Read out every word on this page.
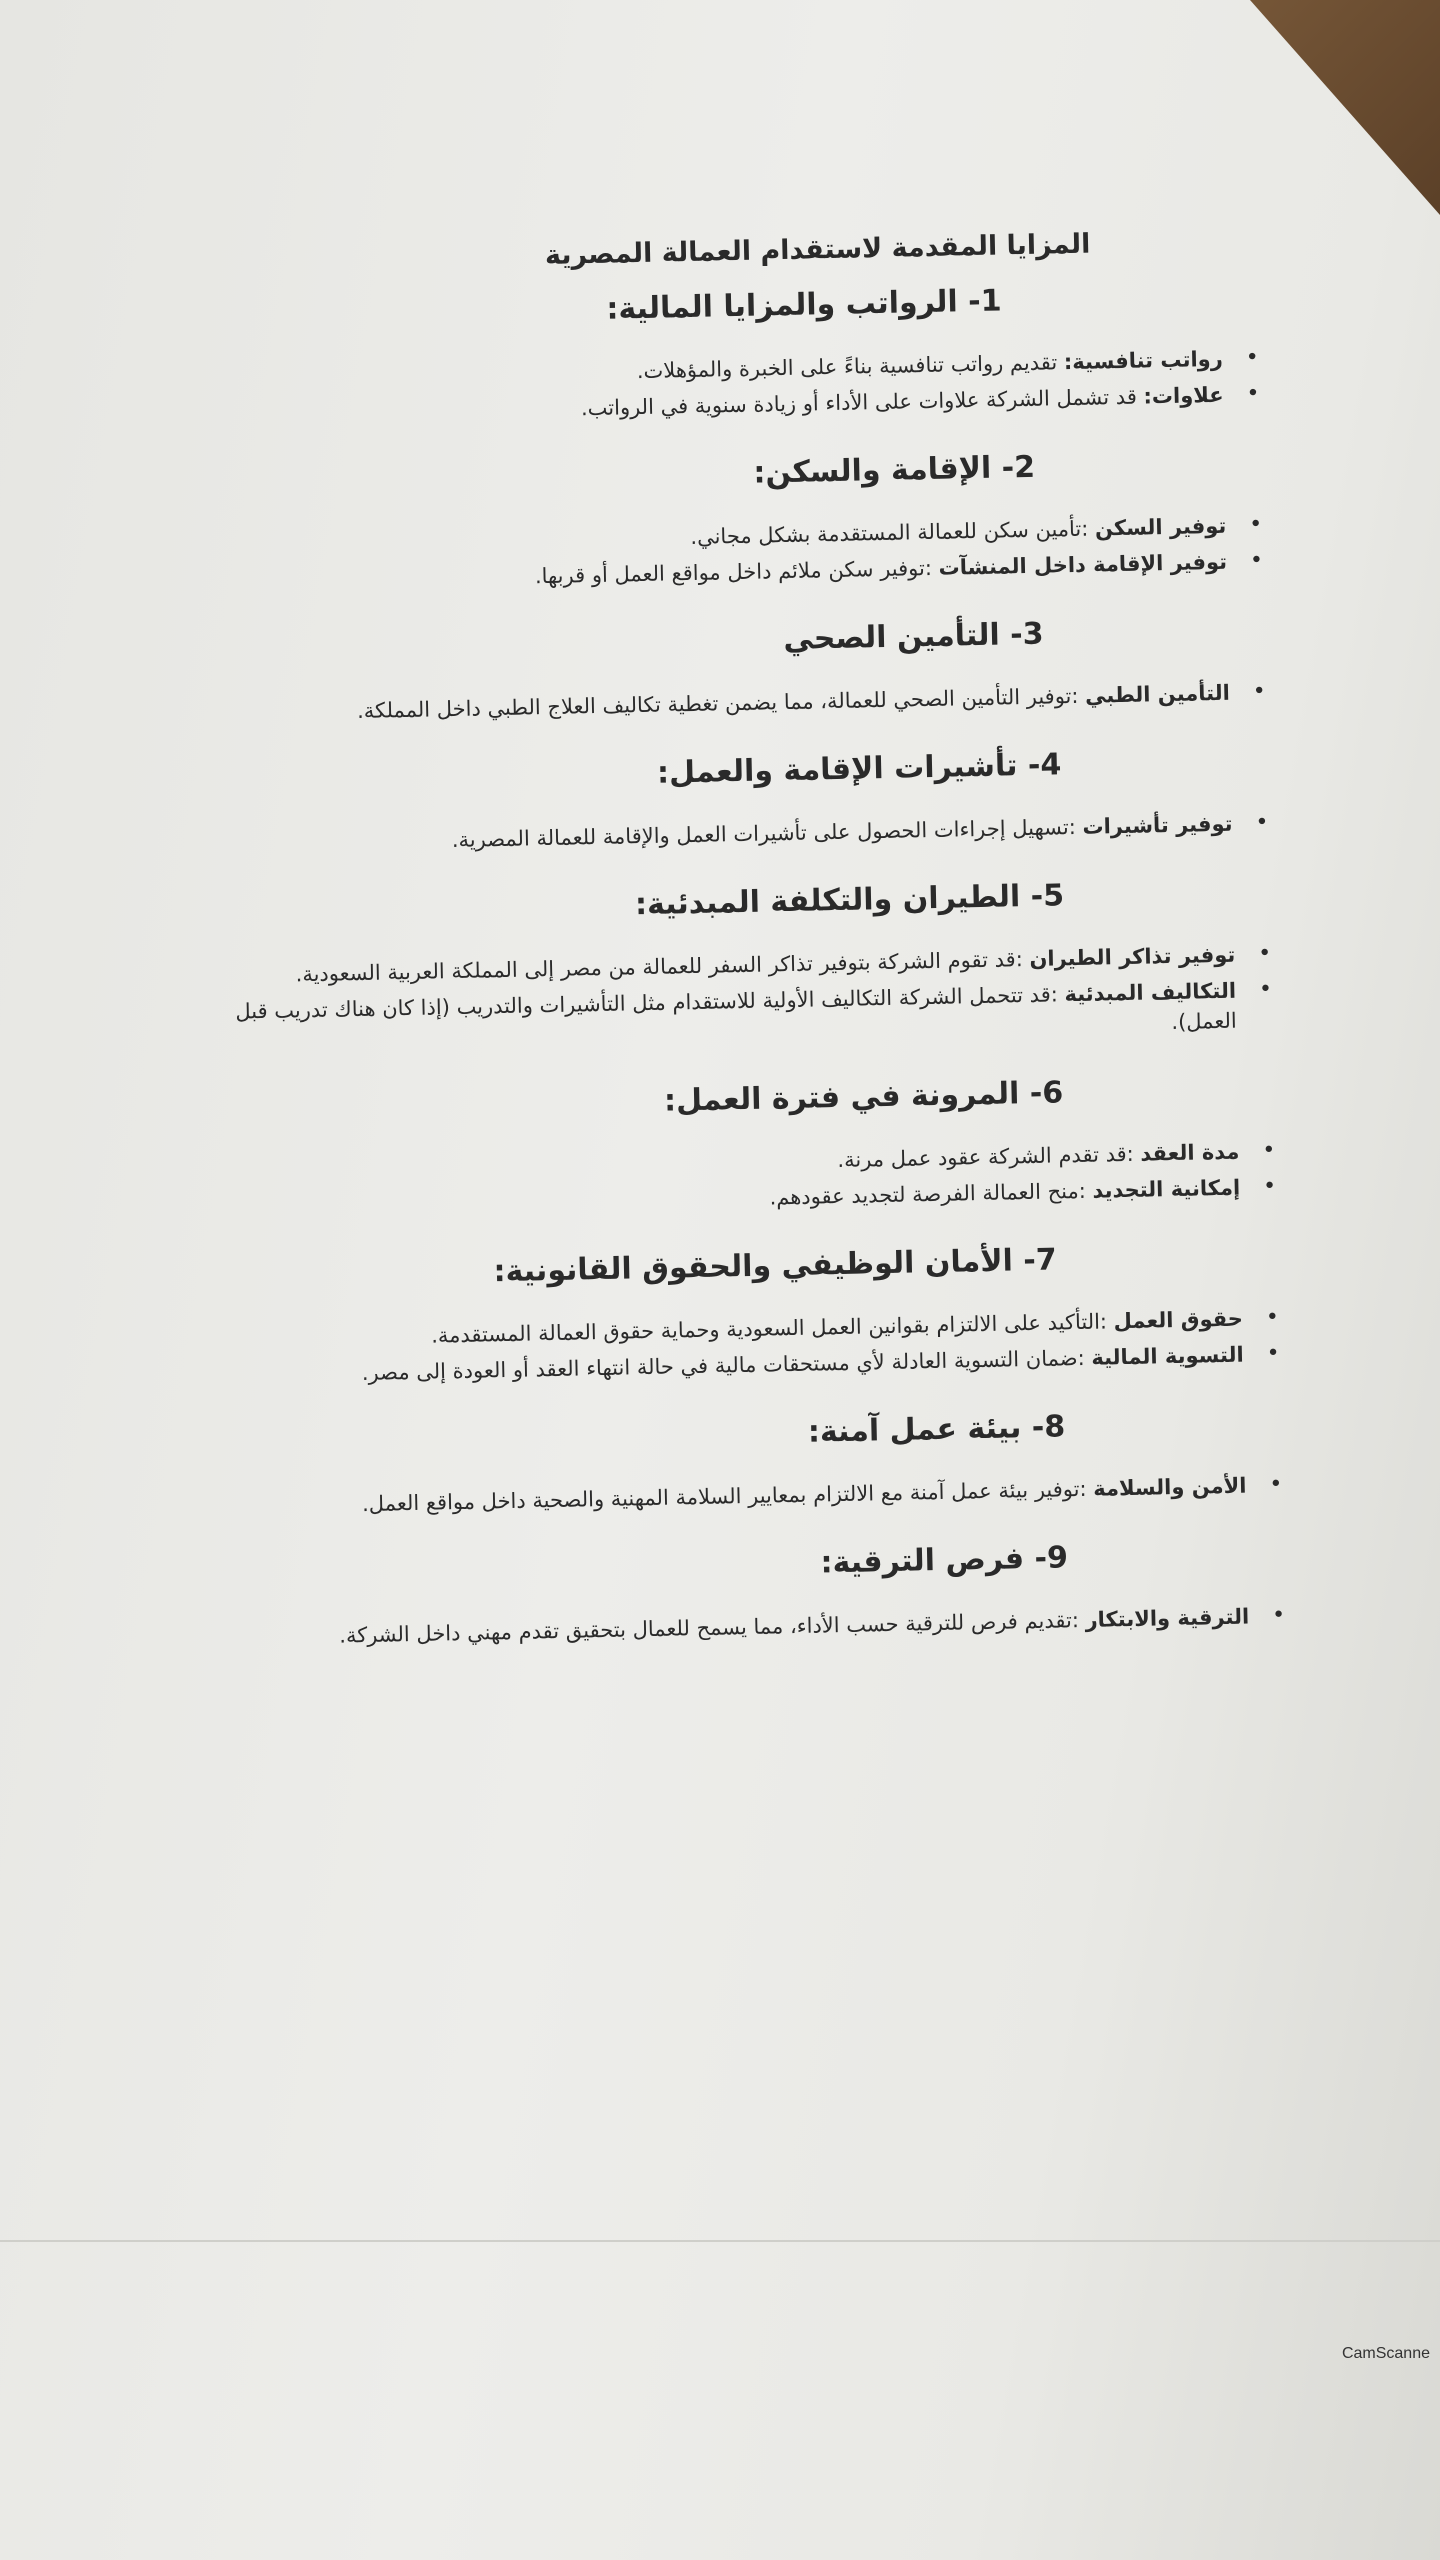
المزايا المقدمة لاستقدام العمالة المصرية
1- الرواتب والمزايا المالية:
• رواتب تنافسية: تقديم رواتب تنافسية بناءً على الخبرة والمؤهلات.
• علاوات: قد تشمل الشركة علاوات على الأداء أو زيادة سنوية في الرواتب.
2- الإقامة والسكن:
• توفير السكن :تأمين سكن للعمالة المستقدمة بشكل مجاني.
• توفير الإقامة داخل المنشآت :توفير سكن ملائم داخل مواقع العمل أو قربها.
3- التأمين الصحي
• التأمين الطبي :توفير التأمين الصحي للعمالة، مما يضمن تغطية تكاليف العلاج الطبي داخل المملكة.
4- تأشيرات الإقامة والعمل:
• توفير تأشيرات :تسهيل إجراءات الحصول على تأشيرات العمل والإقامة للعمالة المصرية.
5- الطيران والتكلفة المبدئية:
• توفير تذاكر الطيران :قد تقوم الشركة بتوفير تذاكر السفر للعمالة من مصر إلى المملكة العربية السعودية.
• التكاليف المبدئية :قد تتحمل الشركة التكاليف الأولية للاستقدام مثل التأشيرات والتدريب (إذا كان هناك تدريب قبل العمل).
6- المرونة في فترة العمل:
• مدة العقد :قد تقدم الشركة عقود عمل مرنة.
• إمكانية التجديد :منح العمالة الفرصة لتجديد عقودهم.
7- الأمان الوظيفي والحقوق القانونية:
• حقوق العمل :التأكيد على الالتزام بقوانين العمل السعودية وحماية حقوق العمالة المستقدمة.
• التسوية المالية :ضمان التسوية العادلة لأي مستحقات مالية في حالة انتهاء العقد أو العودة إلى مصر.
8- بيئة عمل آمنة:
• الأمن والسلامة :توفير بيئة عمل آمنة مع الالتزام بمعايير السلامة المهنية والصحية داخل مواقع العمل.
9- فرص الترقية:
• الترقية والابتكار :تقديم فرص للترقية حسب الأداء، مما يسمح للعمال بتحقيق تقدم مهني داخل الشركة.
CamScanne
